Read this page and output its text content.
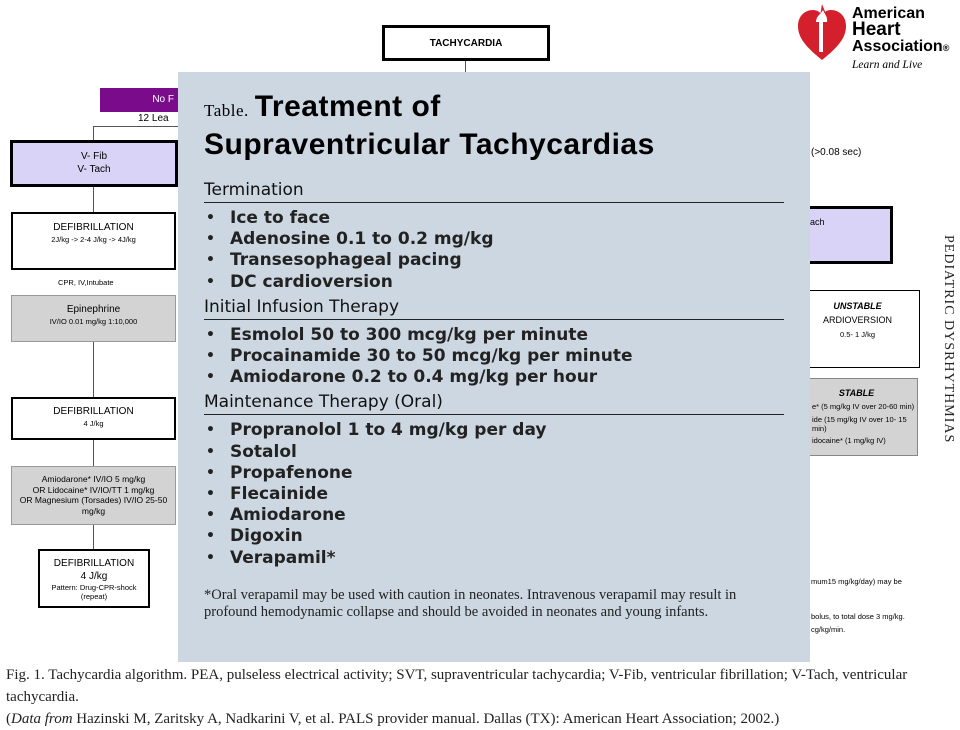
American
Heart
Association®
Learn and Live
PEDIATRIC DYSRHYTHMIAS
TACHYCARDIA
No F
12 Lea
V- Fib
V- Tach
DEFIBRILLATION
2J/kg -> 2-4 J/kg -> 4J/kg
CPR, IV,Intubate
Epinephrine
IV/IO 0.01 mg/kg 1:10,000
DEFIBRILLATION
4 J/kg
Amiodarone* IV/IO 5 mg/kg
OR Lidocaine* IV/IO/TT 1 mg/kg
OR Magnesium (Torsades) IV/IO 25-50 mg/kg
DEFIBRILLATION
4 J/kg
Pattern: Drug-CPR-shock (repeat)
(>0.08 sec)
ach
UNSTABLE
ARDIOVERSION
0.5- 1 J/kg
STABLE
e* (5 mg/kg IV over 20-60 min)
ide (15 mg/kg IV over 10- 15 min)
idocaine* (1 mg/kg IV)
mum15 mg/kg/day) may be
bolus, to total dose 3 mg/kg.
cg/kg/min.
Table. Treatment of
Supraventricular Tachycardias
Termination
• Ice to face
• Adenosine 0.1 to 0.2 mg/kg
• Transesophageal pacing
• DC cardioversion
Initial Infusion Therapy
• Esmolol 50 to 300 mcg/kg per minute
• Procainamide 30 to 50 mcg/kg per minute
• Amiodarone 0.2 to 0.4 mg/kg per hour
Maintenance Therapy (Oral)
• Propranolol 1 to 4 mg/kg per day
• Sotalol
• Propafenone
• Flecainide
• Amiodarone
• Digoxin
• Verapamil*
*Oral verapamil may be used with caution in neonates. Intravenous verapamil may result in profound hemodynamic collapse and should be avoided in neonates and young infants.
Fig. 1. Tachycardia algorithm. PEA, pulseless electrical activity; SVT, supraventricular tachycardia; V-Fib, ventricular fibrillation; V-Tach, ventricular tachycardia.
(Data from Hazinski M, Zaritsky A, Nadkarini V, et al. PALS provider manual. Dallas (TX): American Heart Association; 2002.)
